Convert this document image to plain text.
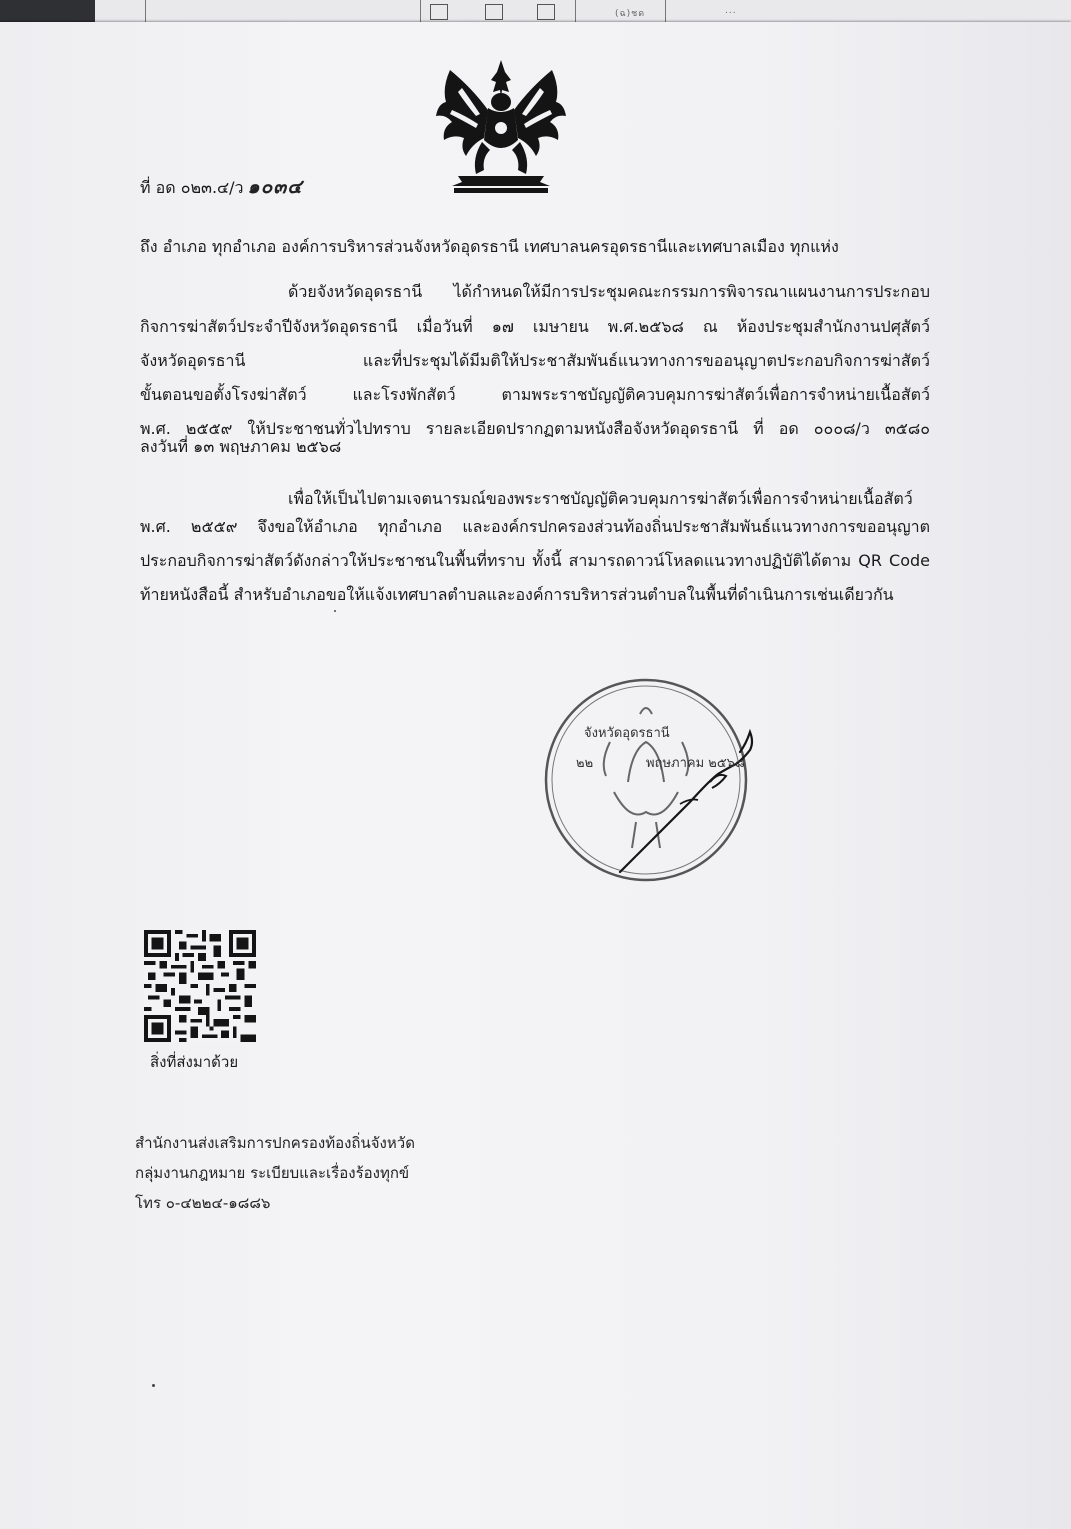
(ฉ)ชด	...
ที่ อด ๐๒๓.๔/ว ๑๐๓๔
ถึง อำเภอ ทุกอำเภอ องค์การบริหารส่วนจังหวัดอุดรธานี เทศบาลนครอุดรธานีและเทศบาลเมือง ทุกแห่ง
ด้วยจังหวัดอุดรธานี ได้กำหนดให้มีการประชุมคณะกรรมการพิจารณาแผนงานการประกอบ
กิจการฆ่าสัตว์ประจำปีจังหวัดอุดรธานี เมื่อวันที่ ๑๗ เมษายน พ.ศ.๒๕๖๘ ณ ห้องประชุมสำนักงานปศุสัตว์
จังหวัดอุดรธานี และที่ประชุมได้มีมติให้ประชาสัมพันธ์แนวทางการขออนุญาตประกอบกิจการฆ่าสัตว์
ขั้นตอนขอตั้งโรงฆ่าสัตว์ และโรงพักสัตว์ ตามพระราชบัญญัติควบคุมการฆ่าสัตว์เพื่อการจำหน่ายเนื้อสัตว์
พ.ศ. ๒๕๕๙ ให้ประชาชนทั่วไปทราบ รายละเอียดปรากฏตามหนังสือจังหวัดอุดรธานี ที่ อด ๐๐๐๘/ว ๓๕๘๐
ลงวันที่ ๑๓ พฤษภาคม ๒๕๖๘
เพื่อให้เป็นไปตามเจตนารมณ์ของพระราชบัญญัติควบคุมการฆ่าสัตว์เพื่อการจำหน่ายเนื้อสัตว์
พ.ศ. ๒๕๕๙ จึงขอให้อำเภอ ทุกอำเภอ และองค์กรปกครองส่วนท้องถิ่นประชาสัมพันธ์แนวทางการขออนุญาต
ประกอบกิจการฆ่าสัตว์ดังกล่าวให้ประชาชนในพื้นที่ทราบ ทั้งนี้ สามารถดาวน์โหลดแนวทางปฏิบัติได้ตาม QR Code
ท้ายหนังสือนี้ สำหรับอำเภอขอให้แจ้งเทศบาลตำบลและองค์การบริหารส่วนตำบลในพื้นที่ดำเนินการเช่นเดียวกัน
จังหวัดอุดรธานี
๒๒	พฤษภาคม ๒๕๖๘
สิ่งที่ส่งมาด้วย
สำนักงานส่งเสริมการปกครองท้องถิ่นจังหวัด
กลุ่มงานกฎหมาย ระเบียบและเรื่องร้องทุกข์
โทร ๐-๔๒๒๔-๑๘๘๖
